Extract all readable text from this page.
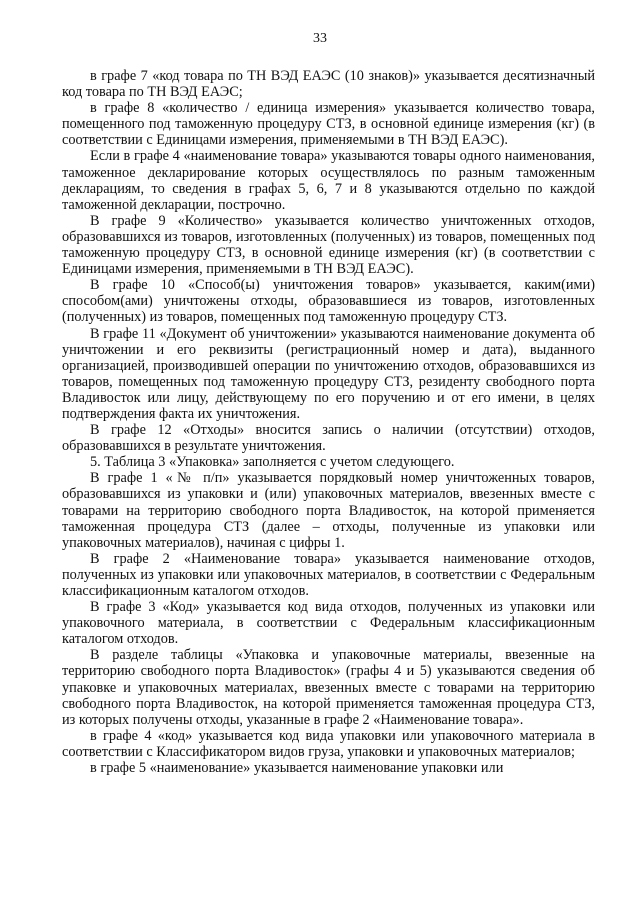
33

в графе 7 «код товара по ТН ВЭД ЕАЭС (10 знаков)» указывается десятизначный код товара по ТН ВЭД ЕАЭС;

в графе 8 «количество / единица измерения» указывается количество товара, помещенного под таможенную процедуру СТЗ, в основной единице измерения (кг) (в соответствии с Единицами измерения, применяемыми в ТН ВЭД ЕАЭС).

Если в графе 4 «наименование товара» указываются товары одного наименования, таможенное декларирование которых осуществлялось по разным таможенным декларациям, то сведения в графах 5, 6, 7 и 8 указываются отдельно по каждой таможенной декларации, построчно.

В графе 9 «Количество» указывается количество уничтоженных отходов, образовавшихся из товаров, изготовленных (полученных) из товаров, помещенных под таможенную процедуру СТЗ, в основной единице измерения (кг) (в соответствии с Единицами измерения, применяемыми в ТН ВЭД ЕАЭС).

В графе 10 «Способ(ы) уничтожения товаров» указывается, каким(ими) способом(ами) уничтожены отходы, образовавшиеся из товаров, изготовленных (полученных) из товаров, помещенных под таможенную процедуру СТЗ.

В графе 11 «Документ об уничтожении» указываются наименование документа об уничтожении и его реквизиты (регистрационный номер и дата), выданного организацией, производившей операции по уничтожению отходов, образовавшихся из товаров, помещенных под таможенную процедуру СТЗ, резиденту свободного порта Владивосток или лицу, действующему по его поручению и от его имени, в целях подтверждения факта их уничтожения.

В графе 12 «Отходы» вносится запись о наличии (отсутствии) отходов, образовавшихся в результате уничтожения.

5. Таблица 3 «Упаковка» заполняется с учетом следующего.

В графе 1 «№ п/п» указывается порядковый номер уничтоженных товаров, образовавшихся из упаковки и (или) упаковочных материалов, ввезенных вместе с товарами на территорию свободного порта Владивосток, на которой применяется таможенная процедура СТЗ (далее – отходы, полученные из упаковки или упаковочных материалов), начиная с цифры 1.

В графе 2 «Наименование товара» указывается наименование отходов, полученных из упаковки или упаковочных материалов, в соответствии с Федеральным классификационным каталогом отходов.

В графе 3 «Код» указывается код вида отходов, полученных из упаковки или упаковочного материала, в соответствии с Федеральным классификационным каталогом отходов.

В разделе таблицы «Упаковка и упаковочные материалы, ввезенные на территорию свободного порта Владивосток» (графы 4 и 5) указываются сведения об упаковке и упаковочных материалах, ввезенных вместе с товарами на территорию свободного порта Владивосток, на которой применяется таможенная процедура СТЗ, из которых получены отходы, указанные в графе 2 «Наименование товара».

в графе 4 «код» указывается код вида упаковки или упаковочного материала в соответствии с Классификатором видов груза, упаковки и упаковочных материалов;

в графе 5 «наименование» указывается наименование упаковки или
